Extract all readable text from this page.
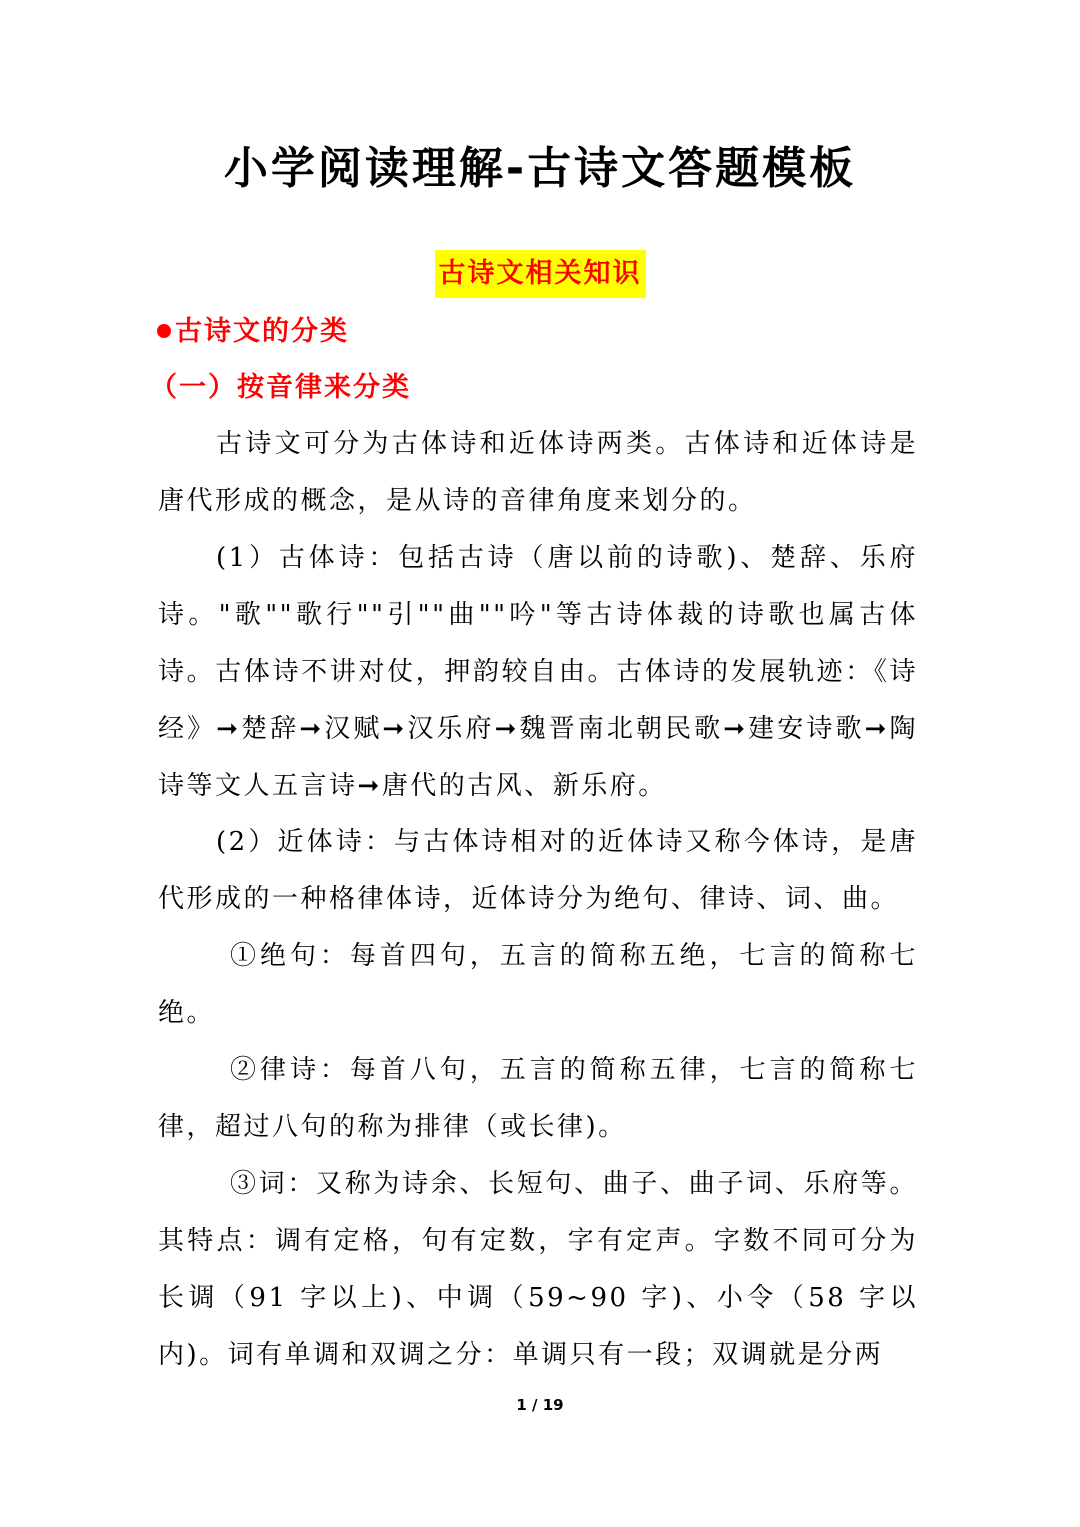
小学阅读理解-古诗文答题模板
古诗文相关知识
古诗文的分类
（一）按音律来分类
古诗文可分为古体诗和近体诗两类。古体诗和近体诗是唐代形成的概念，是从诗的音律角度来划分的。
(1）古体诗：包括古诗（唐以前的诗歌)、楚辞、乐府诗。"歌""歌行""引""曲""吟"等古诗体裁的诗歌也属古体诗。古体诗不讲对仗，押韵较自由。古体诗的发展轨迹：《诗经》➞楚辞➞汉赋➞汉乐府➞魏晋南北朝民歌➞建安诗歌➞陶诗等文人五言诗➞唐代的古风、新乐府。
(2）近体诗：与古体诗相对的近体诗又称今体诗，是唐代形成的一种格律体诗，近体诗分为绝句、律诗、词、曲。
①绝句：每首四句，五言的简称五绝，七言的简称七绝。
②律诗：每首八句，五言的简称五律，七言的简称七律，超过八句的称为排律（或长律)。
③词：又称为诗余、长短句、曲子、曲子词、乐府等。其特点：调有定格，句有定数，字有定声。字数不同可分为长调（91 字以上)、中调（59~90 字)、小令（58 字以内)。词有单调和双调之分：单调只有一段；双调就是分两
1 / 19
